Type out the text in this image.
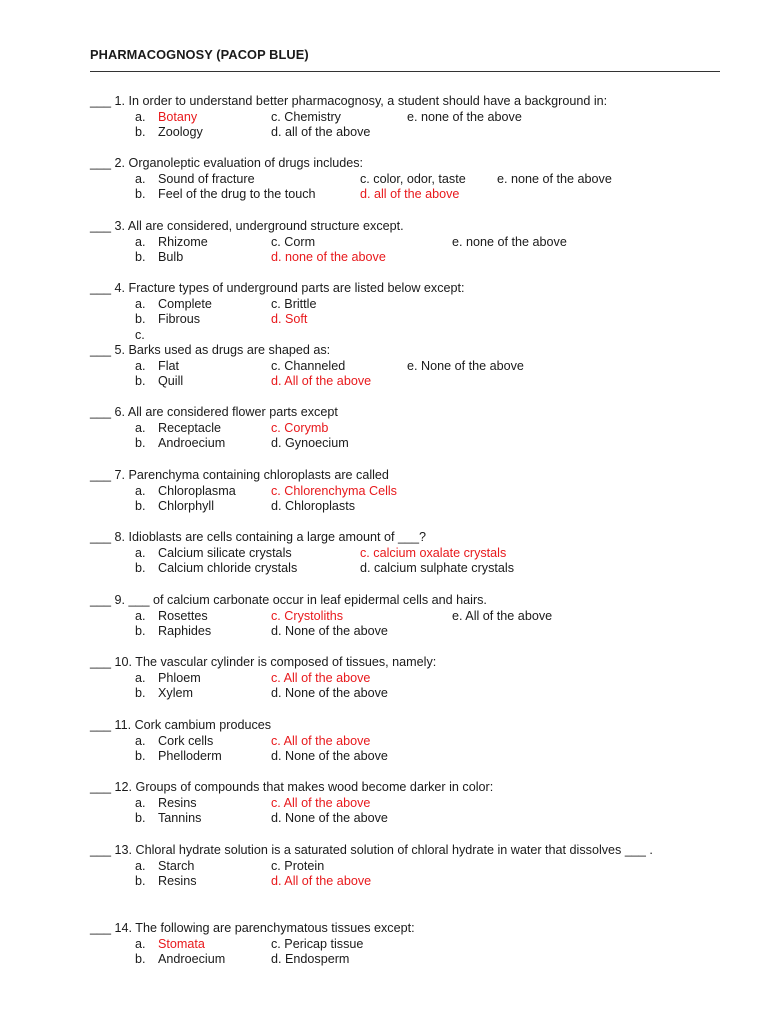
PHARMACOGNOSY (PACOP BLUE)
___ 1. In order to understand better pharmacognosy, a student should have a background in:
a. Botany	c. Chemistry	e. none of the above
b. Zoology	d. all of the above
___ 2. Organoleptic evaluation of drugs includes:
a. Sound of fracture	c. color, odor, taste e. none of the above
b. Feel of the drug to the touch	d. all of the above
___ 3. All are considered, underground structure except.
a. Rhizome	c. Corm	e. none of the above
b. Bulb	d. none of the above
___ 4. Fracture types of underground parts are listed below except:
a. Complete	c. Brittle
b. Fibrous	d. Soft
c.
___ 5. Barks used as drugs are shaped as:
a. Flat	c. Channeled	e. None of the above
b. Quill	d. All of the above
___ 6. All are considered flower parts except
a. Receptacle	c. Corymb
b. Androecium	d. Gynoecium
___ 7. Parenchyma containing chloroplasts are called
a. Chloroplasma	c. Chlorenchyma Cells
b. Chlorphyll	d. Chloroplasts
___ 8. Idioblasts are cells containing a large amount of ___?
a. Calcium silicate crystals	c. calcium oxalate crystals
b. Calcium chloride crystals	d. calcium sulphate crystals
___ 9. ___ of calcium carbonate occur in leaf epidermal cells and hairs.
a. Rosettes	c. Crystoliths	e. All of the above
b. Raphides	d. None of the above
___ 10. The vascular cylinder is composed of tissues, namely:
a. Phloem	c. All of the above
b. Xylem	d. None of the above
___ 11. Cork cambium produces
a. Cork cells	c. All of the above
b. Phelloderm	d. None of the above
___ 12. Groups of compounds that makes wood become darker in color:
a. Resins	c. All of the above
b. Tannins	d. None of the above
___ 13. Chloral hydrate solution is a saturated solution of chloral hydrate in water that dissolves ___ .
a. Starch	c. Protein
b. Resins	d. All of the above
___ 14. The following are parenchymatous tissues except:
a. Stomata	c. Pericap tissue
b. Androecium	d. Endosperm
